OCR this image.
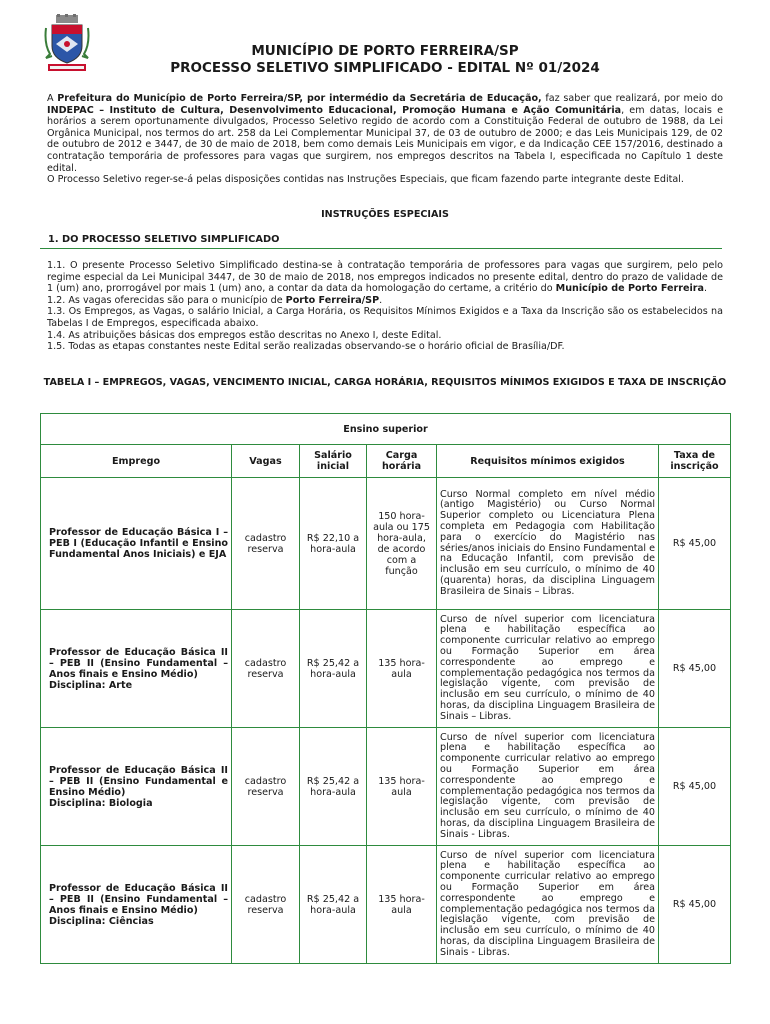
MUNICÍPIO DE PORTO FERREIRA/SP
PROCESSO SELETIVO SIMPLIFICADO - EDITAL Nº 01/2024

A Prefeitura do Município de Porto Ferreira/SP, por intermédio da Secretária de Educação, faz saber que realizará, por meio do INDEPAC – Instituto de Cultura, Desenvolvimento Educacional, Promoção Humana e Ação Comunitária, em datas, locais e horários a serem oportunamente divulgados, Processo Seletivo regido de acordo com a Constituição Federal de outubro de 1988, da Lei Orgânica Municipal, nos termos do art. 258 da Lei Complementar Municipal 37, de 03 de outubro de 2000; e das Leis Municipais 129, de 02 de outubro de 2012 e 3447, de 30 de maio de 2018, bem como demais Leis Municipais em vigor, e da Indicação CEE 157/2016, destinado a contratação temporária de professores para vagas que surgirem, nos empregos descritos na Tabela I, especificada no Capítulo 1 deste edital.

O Processo Seletivo reger-se-á pelas disposições contidas nas Instruções Especiais, que ficam fazendo parte integrante deste Edital.

INSTRUÇÕES ESPECIAIS
1. DO PROCESSO SELETIVO SIMPLIFICADO

1.1. O presente Processo Seletivo Simplificado destina-se à contratação temporária de professores para vagas que surgirem, pelo pelo regime especial da Lei Municipal 3447, de 30 de maio de 2018, nos empregos indicados no presente edital, dentro do prazo de validade de 1 (um) ano, prorrogável por mais 1 (um) ano, a contar da data da homologação do certame, a critério do Município de Porto Ferreira.

1.2. As vagas oferecidas são para o município de Porto Ferreira/SP.

1.3. Os Empregos, as Vagas, o salário Inicial, a Carga Horária, os Requisitos Mínimos Exigidos e a Taxa da Inscrição são os estabelecidos na Tabelas I de Empregos, especificada abaixo.

1.4. As atribuições básicas dos empregos estão descritas no Anexo I, deste Edital.

1.5. Todas as etapas constantes neste Edital serão realizadas observando-se o horário oficial de Brasília/DF.

TABELA I – EMPREGOS, VAGAS, VENCIMENTO INICIAL, CARGA HORÁRIA, REQUISITOS MÍNIMOS EXIGIDOS E TAXA DE INSCRIÇÃO
Ensino superior					
Emprego	Vagas	Salário inicial	Carga horária	Requisitos mínimos exigidos	Taxa de inscrição
Professor de Educação Básica I – PEB I (Educação Infantil e Ensino Fundamental Anos Iniciais) e EJA	cadastro reserva	R$ 22,10 a hora-aula	150 hora-aula ou 175 hora-aula, de acordo com a função	Curso Normal completo em nível médio (antigo Magistério) ou Curso Normal Superior completo ou Licenciatura Plena completa em Pedagogia com Habilitação para o exercício do Magistério nas séries/anos iniciais do Ensino Fundamental e na Educação Infantil, com previsão de inclusão em seu currículo, o mínimo de 40 (quarenta) horas, da disciplina Linguagem Brasileira de Sinais – Libras.	R$ 45,00

Professor de Educação Básica II – PEB II (Ensino Fundamental – Anos finais e Ensino Médio)
Disciplina: Arte	cadastro reserva	R$ 25,42 a hora-aula	135 hora-aula	Curso de nível superior com licenciatura plena e habilitação específica ao componente curricular relativo ao emprego ou Formação Superior em área correspondente ao emprego e complementação pedagógica nos termos da legislação vigente, com previsão de inclusão em seu currículo, o mínimo de 40 horas, da disciplina Linguagem Brasileira de Sinais – Libras.	R$ 45,00

Professor de Educação Básica II – PEB II (Ensino Fundamental e Ensino Médio)
Disciplina: Biologia	cadastro reserva	R$ 25,42 a hora-aula	135 hora-aula	Curso de nível superior com licenciatura plena e habilitação específica ao componente curricular relativo ao emprego ou Formação Superior em área correspondente ao emprego e complementação pedagógica nos termos da legislação vigente, com previsão de inclusão em seu currículo, o mínimo de 40 horas, da disciplina Linguagem Brasileira de Sinais - Libras.	R$ 45,00

Professor de Educação Básica II – PEB II (Ensino Fundamental – Anos finais e Ensino Médio)
Disciplina: Ciências	cadastro reserva	R$ 25,42 a hora-aula	135 hora-aula	Curso de nível superior com licenciatura plena e habilitação específica ao componente curricular relativo ao emprego ou Formação Superior em área correspondente ao emprego e complementação pedagógica nos termos da legislação vigente, com previsão de inclusão em seu currículo, o mínimo de 40 horas, da disciplina Linguagem Brasileira de Sinais - Libras.	R$ 45,00
